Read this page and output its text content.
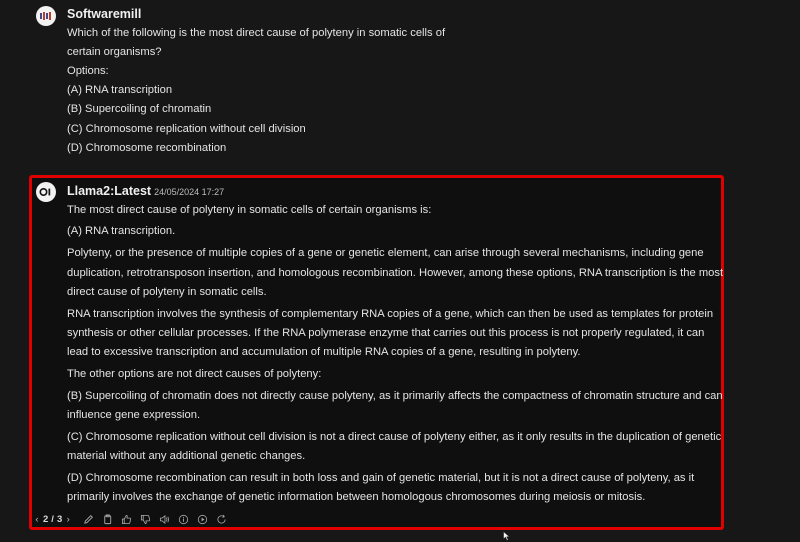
Softwaremill
Which of the following is the most direct cause of polyteny in somatic cells of
certain organisms?
Options:
(A) RNA transcription
(B) Supercoiling of chromatin
(C) Chromosome replication without cell division
(D) Chromosome recombination
Llama2:Latest 24/05/2024 17:27
The most direct cause of polyteny in somatic cells of certain organisms is:
(A) RNA transcription.
Polyteny, or the presence of multiple copies of a gene or genetic element, can arise through several mechanisms, including gene
duplication, retrotransposon insertion, and homologous recombination. However, among these options, RNA transcription is the most
direct cause of polyteny in somatic cells.
RNA transcription involves the synthesis of complementary RNA copies of a gene, which can then be used as templates for protein
synthesis or other cellular processes. If the RNA polymerase enzyme that carries out this process is not properly regulated, it can
lead to excessive transcription and accumulation of multiple RNA copies of a gene, resulting in polyteny.
The other options are not direct causes of polyteny:
(B) Supercoiling of chromatin does not directly cause polyteny, as it primarily affects the compactness of chromatin structure and can
influence gene expression.
(C) Chromosome replication without cell division is not a direct cause of polyteny either, as it only results in the duplication of genetic
material without any additional genetic changes.
(D) Chromosome recombination can result in both loss and gain of genetic material, but it is not a direct cause of polyteny, as it
primarily involves the exchange of genetic information between homologous chromosomes during meiosis or mitosis.
‹ 2 / 3 ›
